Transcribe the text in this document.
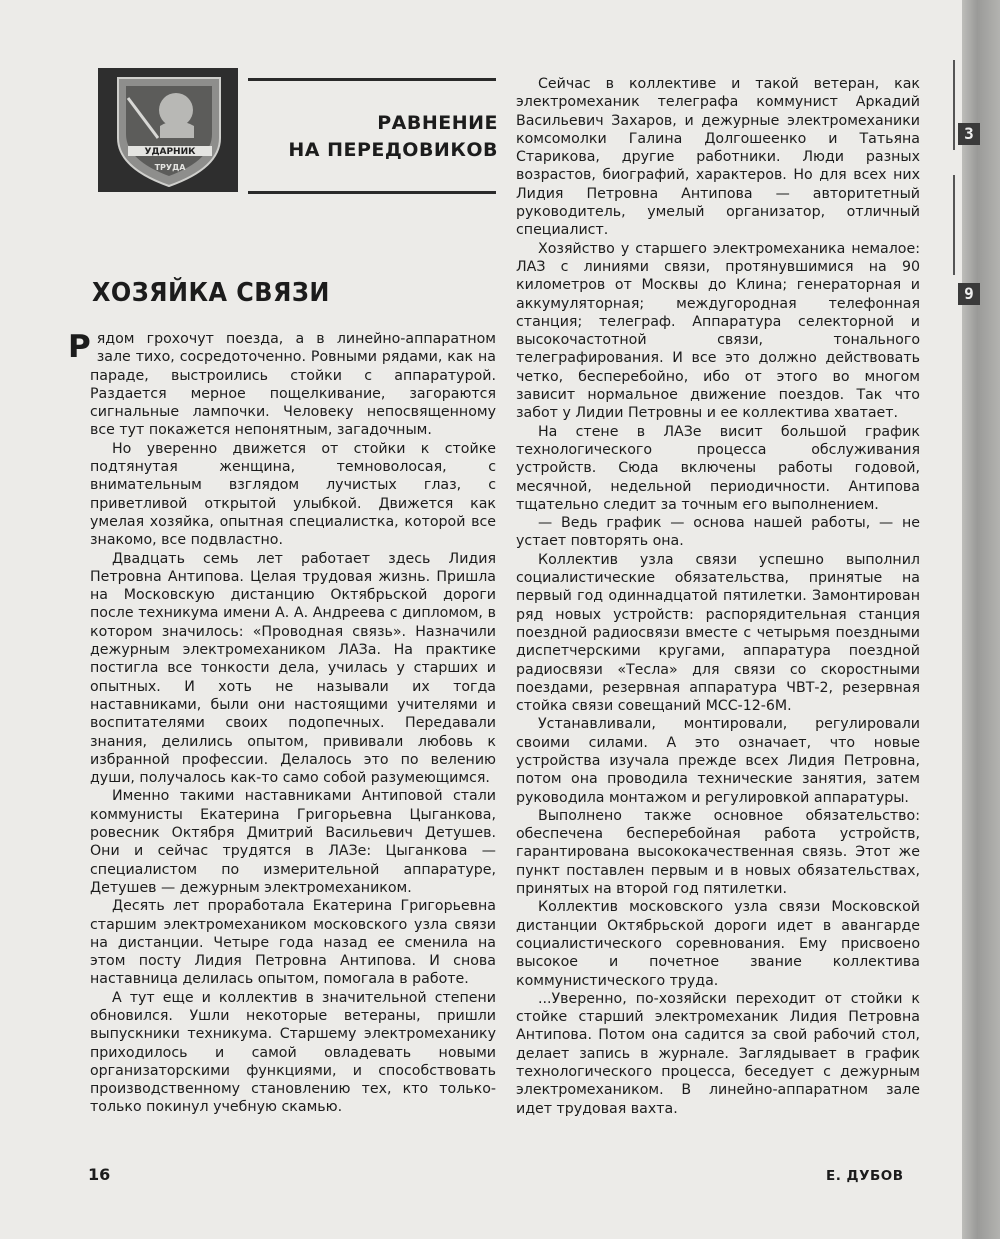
3
9
УДАРНИК
ТРУДА
РАВНЕНИЕ
НА ПЕРЕДОВИКОВ
ХОЗЯЙКА СВЯЗИ

Рядом грохочут поезда, а в линейно-аппаратном зале тихо, сосредоточенно. Ровными рядами, как на параде, выстроились стойки с аппаратурой. Раздается мерное пощелкивание, загораются сигнальные лампочки. Человеку непосвященному все тут покажется непонятным, загадочным.

Но уверенно движется от стойки к стойке подтянутая женщина, темноволосая, с внимательным взглядом лучистых глаз, с приветливой открытой улыбкой. Движется как умелая хозяйка, опытная специалистка, которой все знакомо, все подвластно.

Двадцать семь лет работает здесь Лидия Петровна Антипова. Целая трудовая жизнь. Пришла на Московскую дистанцию Октябрьской дороги после техникума имени А. А. Андреева с дипломом, в котором значилось: «Проводная связь». Назначили дежурным электромехаником ЛАЗа. На практике постигла все тонкости дела, училась у старших и опытных. И хоть не называли их тогда наставниками, были они настоящими учителями и воспитателями своих подопечных. Передавали знания, делились опытом, прививали любовь к избранной профессии. Делалось это по велению души, получалось как-то само собой разумеющимся.

Именно такими наставниками Антиповой стали коммунисты Екатерина Григорьевна Цыганкова, ровесник Октября Дмитрий Васильевич Детушев. Они и сейчас трудятся в ЛАЗе: Цыганкова — специалистом по измерительной аппаратуре, Детушев — дежурным электромехаником.

Десять лет проработала Екатерина Григорьевна старшим электромехаником московского узла связи на дистанции. Четыре года назад ее сменила на этом посту Лидия Петровна Антипова. И снова наставница делилась опытом, помогала в работе.

А тут еще и коллектив в значительной степени обновился. Ушли некоторые ветераны, пришли выпускники техникума. Старшему электромеханику приходилось и самой овладевать новыми организаторскими функциями, и способствовать производственному становлению тех, кто только-только покинул учебную скамью.

Сейчас в коллективе и такой ветеран, как электромеханик телеграфа коммунист Аркадий Васильевич Захаров, и дежурные электромеханики комсомолки Галина Долгошеенко и Татьяна Старикова, другие работники. Люди разных возрастов, биографий, характеров. Но для всех них Лидия Петровна Антипова — авторитетный руководитель, умелый организатор, отличный специалист.

Хозяйство у старшего электромеханика немалое: ЛАЗ с линиями связи, протянувшимися на 90 километров от Москвы до Клина; генераторная и аккумуляторная; междугородная телефонная станция; телеграф. Аппаратура селекторной и высокочастотной связи, тонального телеграфирования. И все это должно действовать четко, бесперебойно, ибо от этого во многом зависит нормальное движение поездов. Так что забот у Лидии Петровны и ее коллектива хватает.

На стене в ЛАЗе висит большой график технологического процесса обслуживания устройств. Сюда включены работы годовой, месячной, недельной периодичности. Антипова тщательно следит за точным его выполнением.

— Ведь график — основа нашей работы, — не устает повторять она.

Коллектив узла связи успешно выполнил социалистические обязательства, принятые на первый год одиннадцатой пятилетки. Замонтирован ряд новых устройств: распорядительная станция поездной радиосвязи вместе с четырьмя поездными диспетчерскими кругами, аппаратура поездной радиосвязи «Тесла» для связи со скоростными поездами, резервная аппаратура ЧВТ-2, резервная стойка связи совещаний МСС-12-6М.

Устанавливали, монтировали, регулировали своими силами. А это означает, что новые устройства изучала прежде всех Лидия Петровна, потом она проводила технические занятия, затем руководила монтажом и регулировкой аппаратуры.

Выполнено также основное обязательство: обеспечена бесперебойная работа устройств, гарантирована высококачественная связь. Этот же пункт поставлен первым и в новых обязательствах, принятых на второй год пятилетки.

Коллектив московского узла связи Московской дистанции Октябрьской дороги идет в авангарде социалистического соревнования. Ему присвоено высокое и почетное звание коллектива коммунистического труда.

...Уверенно, по-хозяйски переходит от стойки к стойке старший электромеханик Лидия Петровна Антипова. Потом она садится за свой рабочий стол, делает запись в журнале. Заглядывает в график технологического процесса, беседует с дежурным электромехаником. В линейно-аппаратном зале идет трудовая вахта.

Е. ДУБОВ
16
